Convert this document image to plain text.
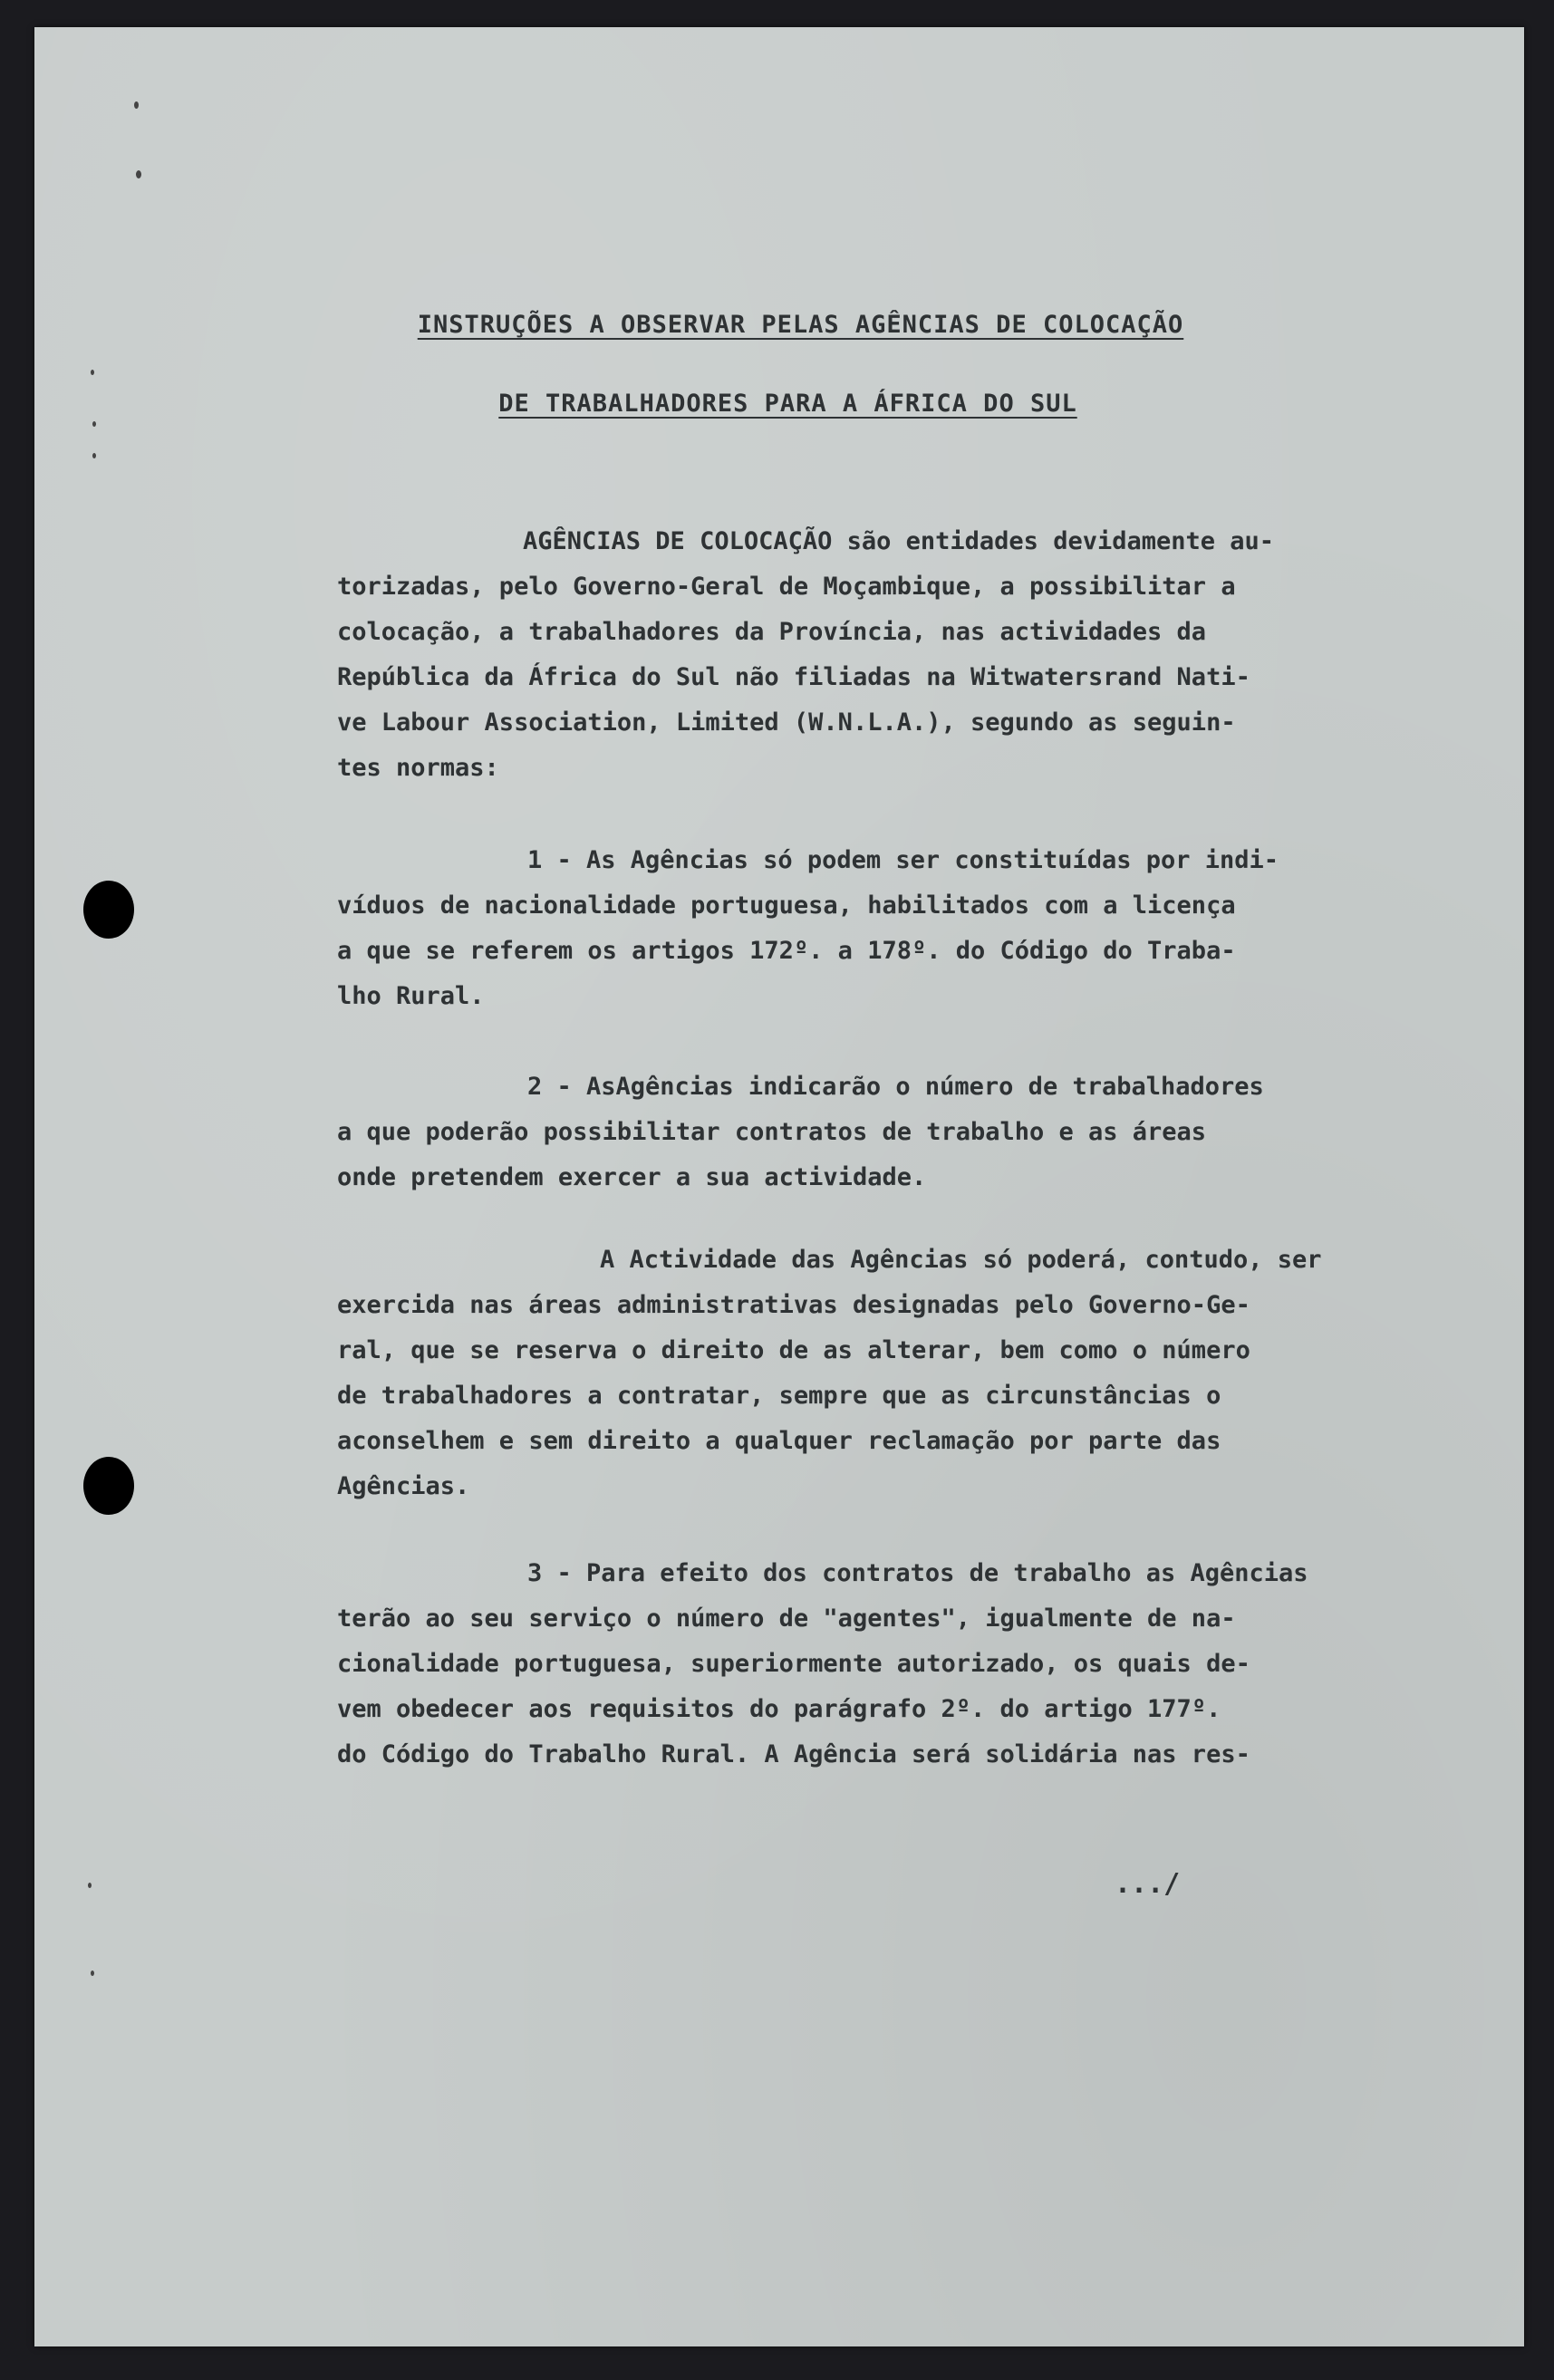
INSTRUÇÕES A OBSERVAR PELAS AGÊNCIAS DE COLOCAÇÃO
DE TRABALHADORES PARA A ÁFRICA DO SUL
AGÊNCIAS DE COLOCAÇÃO são entidades devidamente au-
torizadas, pelo Governo-Geral de Moçambique, a possibilitar a
colocação, a trabalhadores da Província, nas actividades da
República da África do Sul não filiadas na Witwatersrand Nati-
ve Labour Association, Limited (W.N.L.A.), segundo as seguin-
tes normas:
1 - As Agências só podem ser constituídas por indi-
víduos de nacionalidade portuguesa, habilitados com a licença
a que se referem os artigos 172º. a 178º. do Código do Traba-
lho Rural.
2 - AsAgências indicarão o número de trabalhadores
a que poderão possibilitar contratos de trabalho e as áreas
onde pretendem exercer a sua actividade.
A Actividade das Agências só poderá, contudo, ser
exercida nas áreas administrativas designadas pelo Governo-Ge-
ral, que se reserva o direito de as alterar, bem como o número
de trabalhadores a contratar, sempre que as circunstâncias o
aconselhem e sem direito a qualquer reclamação por parte das
Agências.
3 - Para efeito dos contratos de trabalho as Agências
terão ao seu serviço o número de "agentes", igualmente de na-
cionalidade portuguesa, superiormente autorizado, os quais de-
vem obedecer aos requisitos do parágrafo 2º. do artigo 177º.
do Código do Trabalho Rural. A Agência será solidária nas res-
.../
